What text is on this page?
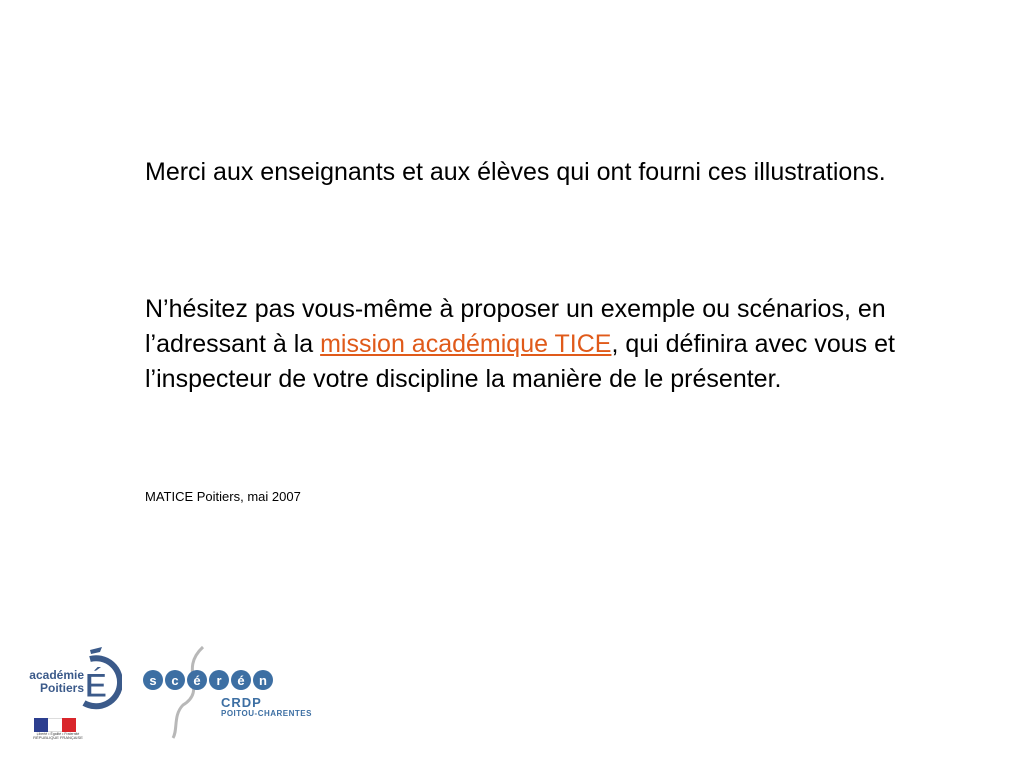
Merci aux enseignants et aux élèves qui ont fourni ces illustrations.

N’hésitez pas vous-même à proposer un exemple ou scénarios, en l’adressant à la mission académique TICE, qui définira avec vous et l’inspecteur de votre discipline la manière de le présenter.

MATICE Poitiers, mai 2007
académie
Poitiers É
Liberté • Égalité • Fraternité
RÉPUBLIQUE FRANÇAISE
s	c	é	r	é	n
CRDP
POITOU-CHARENTES
